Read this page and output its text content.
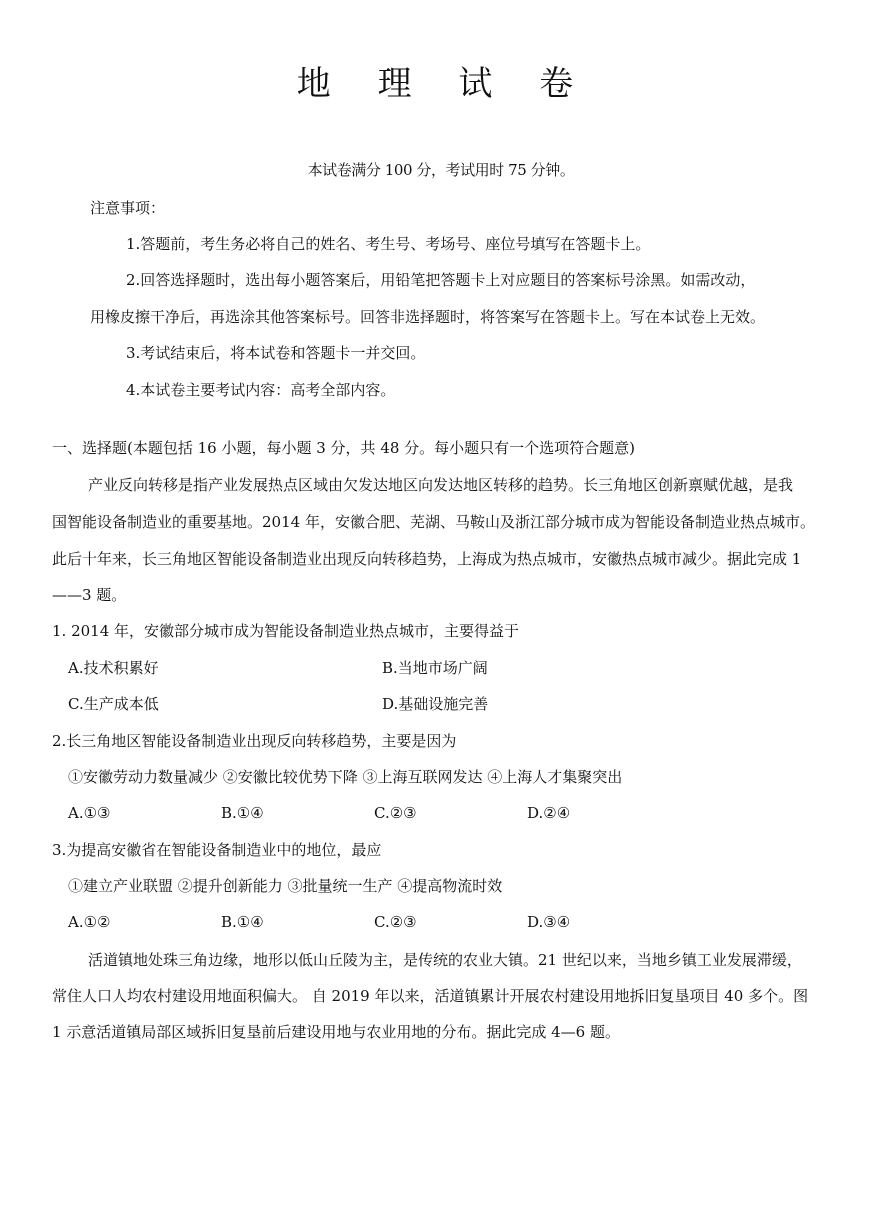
地 理 试 卷
本试卷满分 100 分，考试用时 75 分钟。
注意事项：
1.答题前，考生务必将自己的姓名、考生号、考场号、座位号填写在答题卡上。
2.回答选择题时，选出每小题答案后，用铅笔把答题卡上对应题目的答案标号涂黑。如需改动，
用橡皮擦干净后，再选涂其他答案标号。回答非选择题时，将答案写在答题卡上。写在本试卷上无效。
3.考试结束后，将本试卷和答题卡一并交回。
4.本试卷主要考试内容：高考全部内容。
一、选择题(本题包括 16 小题，每小题 3 分，共 48 分。每小题只有一个选项符合题意)
产业反向转移是指产业发展热点区域由欠发达地区向发达地区转移的趋势。长三角地区创新禀赋优越，是我
国智能设备制造业的重要基地。2014 年，安徽合肥、芜湖、马鞍山及浙江部分城市成为智能设备制造业热点城市。
此后十年来，长三角地区智能设备制造业出现反向转移趋势，上海成为热点城市，安徽热点城市减少。据此完成 1
——3 题。
1. 2014 年，安徽部分城市成为智能设备制造业热点城市，主要得益于
A.技术积累好	B.当地市场广阔
C.生产成本低	D.基础设施完善
2.长三角地区智能设备制造业出现反向转移趋势，主要是因为
①安徽劳动力数量减少 ②安徽比较优势下降 ③上海互联网发达 ④上海人才集聚突出
A.①③	B.①④	C.②③	D.②④
3.为提高安徽省在智能设备制造业中的地位，最应
①建立产业联盟 ②提升创新能力 ③批量统一生产 ④提高物流时效
A.①②	B.①④	C.②③	D.③④
活道镇地处珠三角边缘，地形以低山丘陵为主，是传统的农业大镇。21 世纪以来，当地乡镇工业发展滞缓，
常住人口人均农村建设用地面积偏大。 自 2019 年以来，活道镇累计开展农村建设用地拆旧复垦项目 40 多个。图
1 示意活道镇局部区域拆旧复垦前后建设用地与农业用地的分布。据此完成 4—6 题。
